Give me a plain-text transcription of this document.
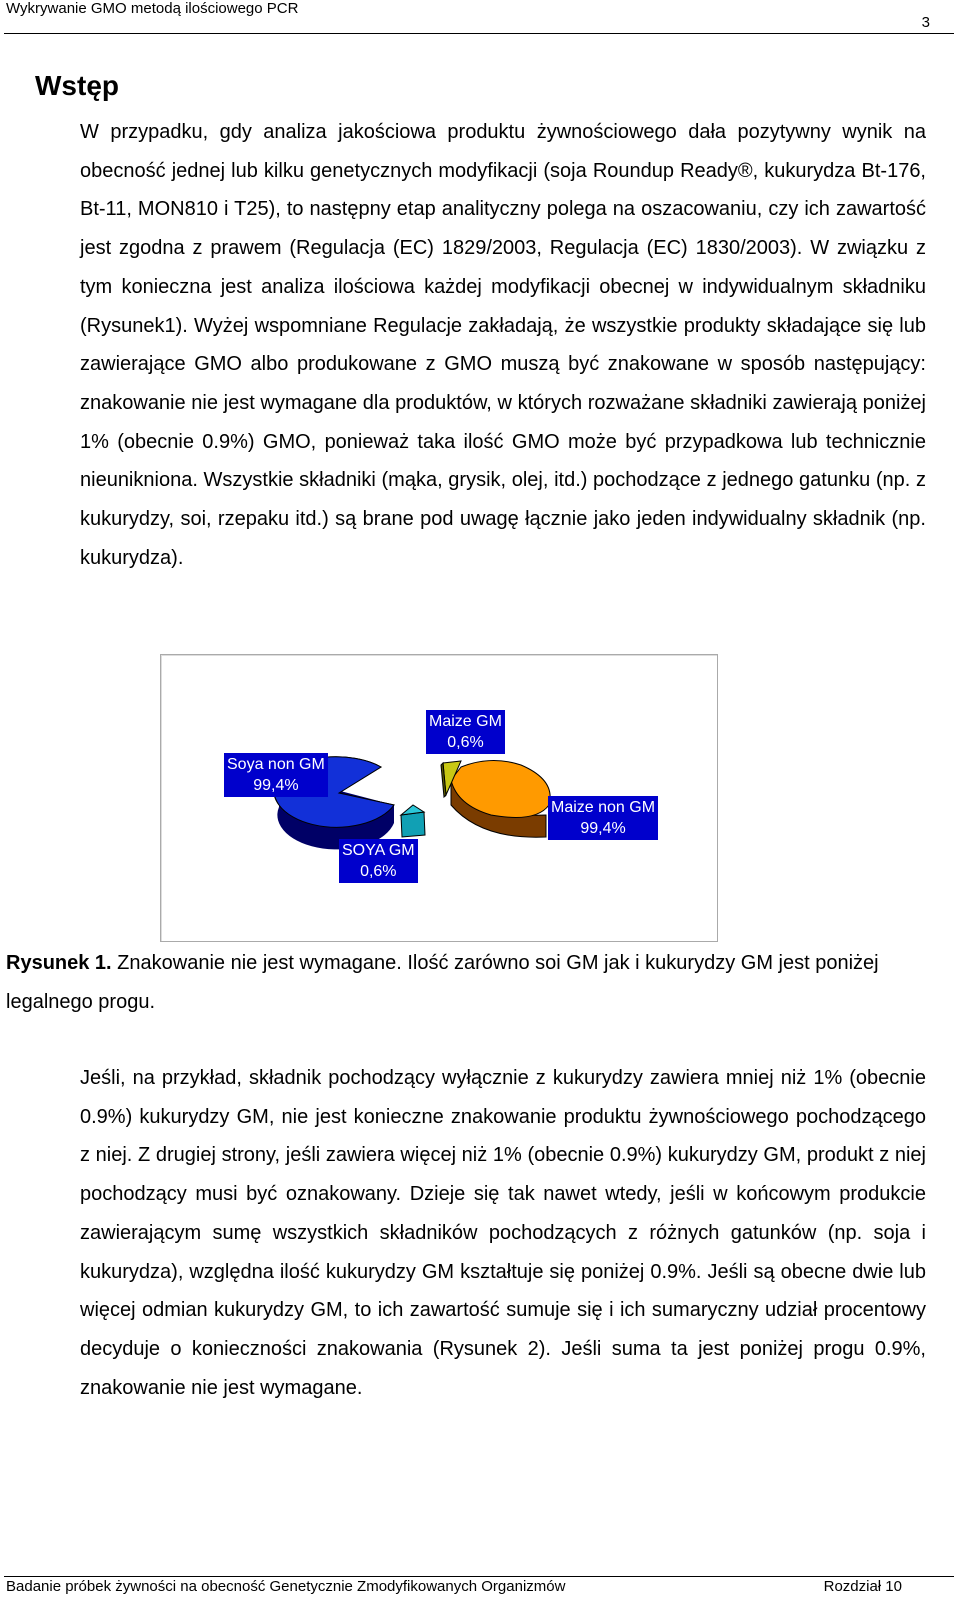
Wykrywanie GMO metodą ilościowego PCR
3
Wstęp

W przypadku, gdy analiza jakościowa produktu żywnościowego dała pozytywny wynik na obecność jednej lub kilku genetycznych modyfikacji (soja Roundup Ready®, kukurydza Bt-176, Bt-11, MON810 i T25), to następny etap analityczny polega na oszacowaniu, czy ich zawartość jest zgodna z prawem (Regulacja (EC) 1829/2003, Regulacja (EC) 1830/2003). W związku z tym konieczna jest analiza ilościowa każdej modyfikacji obecnej w indywidualnym składniku (Rysunek1). Wyżej wspomniane Regulacje zakładają, że wszystkie produkty składające się lub zawierające GMO albo produkowane z GMO muszą być znakowane w sposób następujący: znakowanie nie jest wymagane dla produktów, w których rozważane składniki zawierają poniżej 1% (obecnie 0.9%) GMO, ponieważ taka ilość GMO może być przypadkowa lub technicznie nieunikniona. Wszystkie składniki (mąka, grysik, olej, itd.) pochodzące z jednego gatunku (np. z kukurydzy, soi, rzepaku itd.) są brane pod uwagę łącznie jako jeden indywidualny składnik (np. kukurydza).

Soya non GM
99,4%
SOYA GM
0,6%
Maize GM
0,6%
Maize non GM
99,4%

Rysunek 1. Znakowanie nie jest wymagane. Ilość zarówno soi GM jak i kukurydzy GM jest poniżej legalnego progu.

Jeśli, na przykład, składnik pochodzący wyłącznie z kukurydzy zawiera mniej niż 1% (obecnie 0.9%) kukurydzy GM, nie jest konieczne znakowanie produktu żywnościowego pochodzącego z niej. Z drugiej strony, jeśli zawiera więcej niż 1% (obecnie 0.9%) kukurydzy GM, produkt z niej pochodzący musi być oznakowany. Dzieje się tak nawet wtedy, jeśli w końcowym produkcie zawierającym sumę wszystkich składników pochodzących z różnych gatunków (np. soja i kukurydza), względna ilość kukurydzy GM kształtuje się poniżej 0.9%. Jeśli są obecne dwie lub więcej odmian kukurydzy GM, to ich zawartość sumuje się i ich sumaryczny udział procentowy decyduje o konieczności znakowania (Rysunek 2). Jeśli suma ta jest poniżej progu 0.9%, znakowanie nie jest wymagane.

Badanie próbek żywności na obecność Genetycznie Zmodyfikowanych Organizmów	Rozdział 10
